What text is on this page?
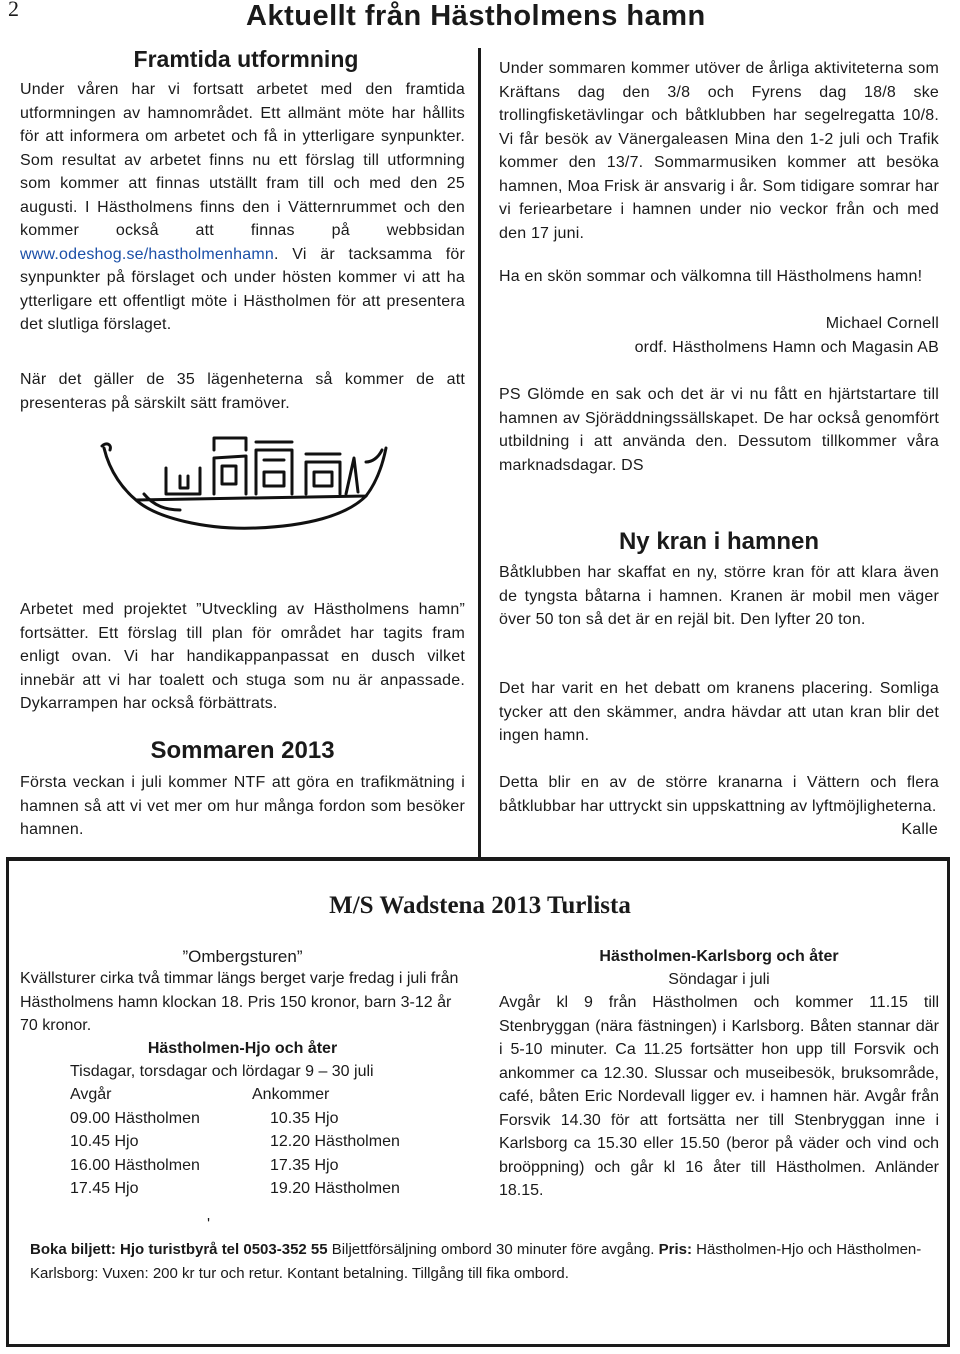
2	Aktuellt från Hästholmens hamn
Framtida utformning
Under våren har vi fortsatt arbetet med den framtida utformningen av hamnområdet. Ett allmänt möte har hållits för att informera om arbetet och få in ytterligare synpunkter. Som resultat av arbetet finns nu ett förslag till utformning som kommer att finnas utställt fram till och med den 25 augusti. I Hästholmens finns den i Vätternrummet och den kommer också att finnas på webbsidan www.odeshog.se/hastholmenhamn. Vi är tacksamma för synpunkter på förslaget och under hösten kommer vi att ha ytterligare ett offentligt möte i Hästholmen för att presentera det slutliga förslaget.
När det gäller de 35 lägenheterna så kommer de att presenteras på särskilt sätt framöver.
Arbetet med projektet ”Utveckling av Hästholmens hamn” fortsätter. Ett förslag till plan för området har tagits fram enligt ovan. Vi har handikappanpassat en dusch vilket innebär att vi har toalett och stuga som nu är anpassade. Dykarrampen har också förbättrats.
Sommaren 2013
Första veckan i juli kommer NTF att göra en trafikmätning i hamnen så att vi vet mer om hur många fordon som besöker hamnen.
Under sommaren kommer utöver de årliga aktiviteterna som Kräftans dag den 3/8 och Fyrens dag 18/8 ske trollingfisketävlingar och båtklubben har segelregatta 10/8. Vi får besök av Vänergaleasen Mina den 1-2 juli och Trafik kommer den 13/7. Sommarmusiken kommer att besöka hamnen, Moa Frisk är ansvarig i år. Som tidigare somrar har vi feriearbetare i hamnen under nio veckor från och med den 17 juni.
Ha en skön sommar och välkomna till Hästholmens hamn!
Michael Cornell
ordf. Hästholmens Hamn och Magasin AB
PS Glömde en sak och det är vi nu fått en hjärtstartare till hamnen av Sjöräddningssällskapet. De har också genomfört utbildning i att använda den. Dessutom tillkommer våra marknadsdagar. DS
Ny kran i hamnen
Båtklubben har skaffat en ny, större kran för att klara även de tyngsta båtarna i hamnen. Kranen är mobil men väger över 50 ton så det är en rejäl bit. Den lyfter 20 ton.
Det har varit en het debatt om kranens placering. Somliga tycker att den skämmer, andra hävdar att utan kran blir det ingen hamn.
Detta blir en av de större kranarna i Vättern och flera båtklubbar har uttryckt sin uppskattning av lyftmöjligheterna.
Kalle
M/S Wadstena 2013 Turlista
”Ombergsturen”
Kvällsturer cirka två timmar längs berget varje fredag i juli från Hästholmens hamn klockan 18. Pris 150 kronor, barn 3-12 år 70 kronor.
Hästholmen-Hjo och åter
Tisdagar, torsdagar och lördagar 9 – 30 juli
Avgår	Ankommer
09.00 Hästholmen	10.35 Hjo
10.45 Hjo	12.20 Hästholmen
16.00 Hästholmen	17.35 Hjo
17.45 Hjo	19.20 Hästholmen
Hästholmen-Karlsborg och åter
Söndagar i juli
Avgår kl 9 från Hästholmen och kommer 11.15 till Stenbryggan (nära fästningen) i Karlsborg. Båten stannar där i 5-10 minuter. Ca 11.25 fortsätter hon upp till Forsvik och ankommer ca 12.30. Slussar och museibesök, bruksområde, café, båten Eric Nordevall ligger ev. i hamnen här. Avgår från Forsvik 14.30 för att fortsätta ner till Stenbryggan inne i Karlsborg ca 15.30 eller 15.50 (beror på väder och vind och broöppning) och går kl 16 åter till Hästholmen. Anländer 18.15.
'
Boka biljett: Hjo turistbyrå tel 0503-352 55 Biljettförsäljning ombord 30 minuter före avgång. Pris: Hästholmen-Hjo och Hästholmen-Karlsborg: Vuxen: 200 kr tur och retur. Kontant betalning. Tillgång till fika ombord.
